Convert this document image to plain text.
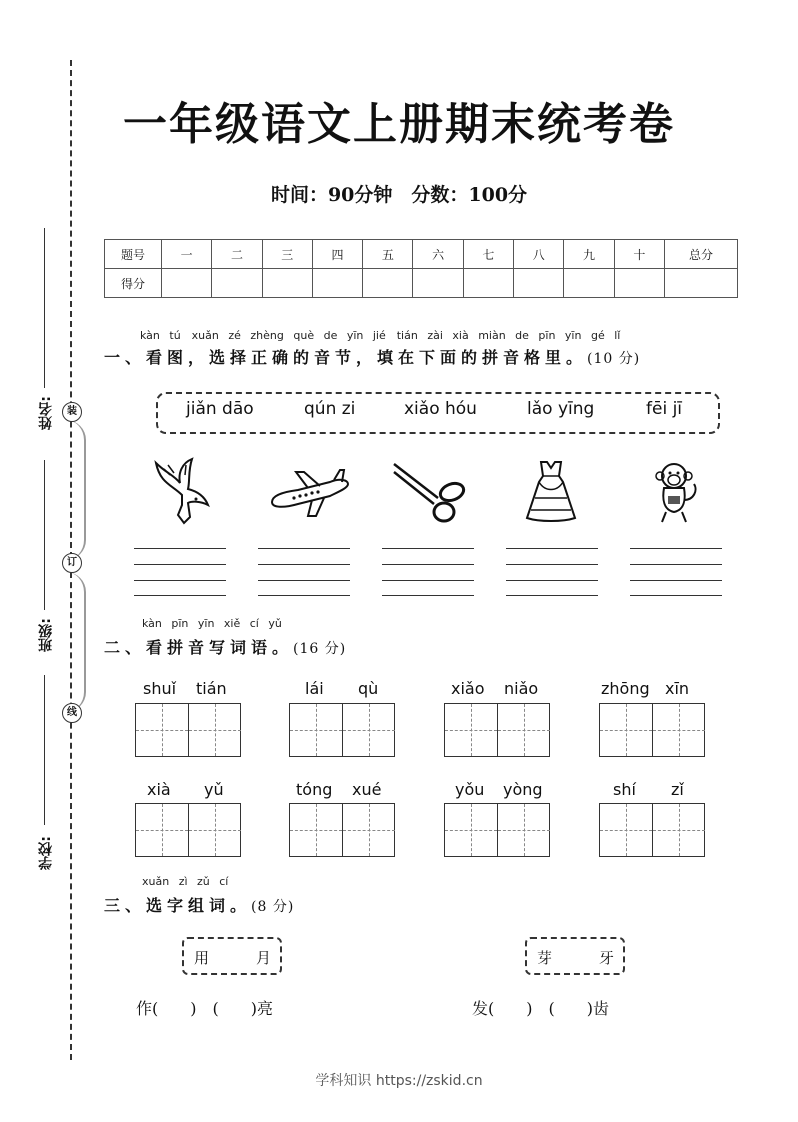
姓名:
班级:
学校:
装
订
线
一年级语文上册期末统考卷
时间：90分钟　分数：100分
题号	一	二	三	四	五	六	七	八	九	十	总分
得分											
kàn tú　xuǎn zé zhèng què de yīn jié　tián zài xià miàn de pīn yīn gé lǐ
一、看图，选择正确的音节，填在下面的拼音格里。(10 分)
jiǎn dāo	qún zi	xiǎo hóu	lǎo yīng	fēi jī
kàn pīn yīn xiě cí yǔ
二、看拼音写词语。(16 分)
shuǐ tián	lái qù	xiǎo niǎo	zhōng xīn
xià yǔ	tóng xué	yǒu yòng	shí zǐ
xuǎn zì zǔ cí
三、选字组词。(8 分)
用	月	芽	牙
作(　　)　(　　)亮	发(　　)　(　　)齿
学科知识 https://zskid.cn
